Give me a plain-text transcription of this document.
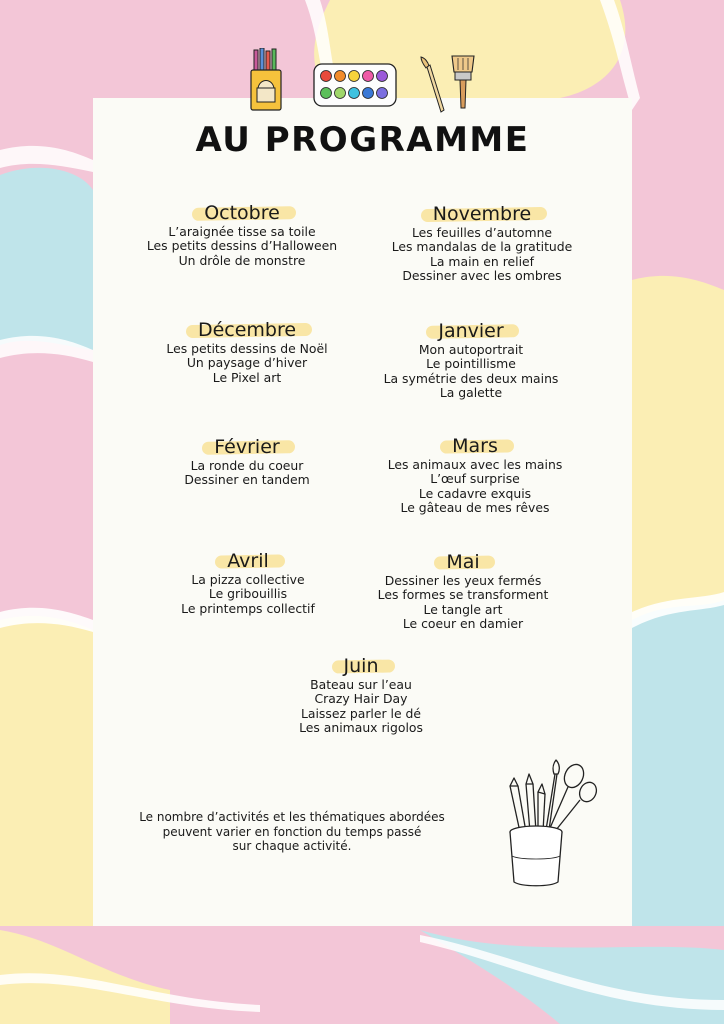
AU PROGRAMME
Octobre
L’araignée tisse sa toile
Les petits dessins d’Halloween
Un drôle de monstre
Novembre
Les feuilles d’automne
Les mandalas de la gratitude
La main en relief
Dessiner avec les ombres
Décembre
Les petits dessins de Noël
Un paysage d’hiver
Le Pixel art
Janvier
Mon autoportrait
Le pointillisme
La symétrie des deux mains
La galette
Février
La ronde du coeur
Dessiner en tandem
Mars
Les animaux avec les mains
L’œuf surprise
Le cadavre exquis
Le gâteau de mes rêves
Avril
La pizza collective
Le gribouillis
Le printemps collectif
Mai
Dessiner les yeux fermés
Les formes se transforment
Le tangle art
Le coeur en damier
Juin
Bateau sur l’eau
Crazy Hair Day
Laissez parler le dé
Les animaux rigolos
Le nombre d’activités et les thématiques abordées
peuvent varier en fonction du temps passé
sur chaque activité.
